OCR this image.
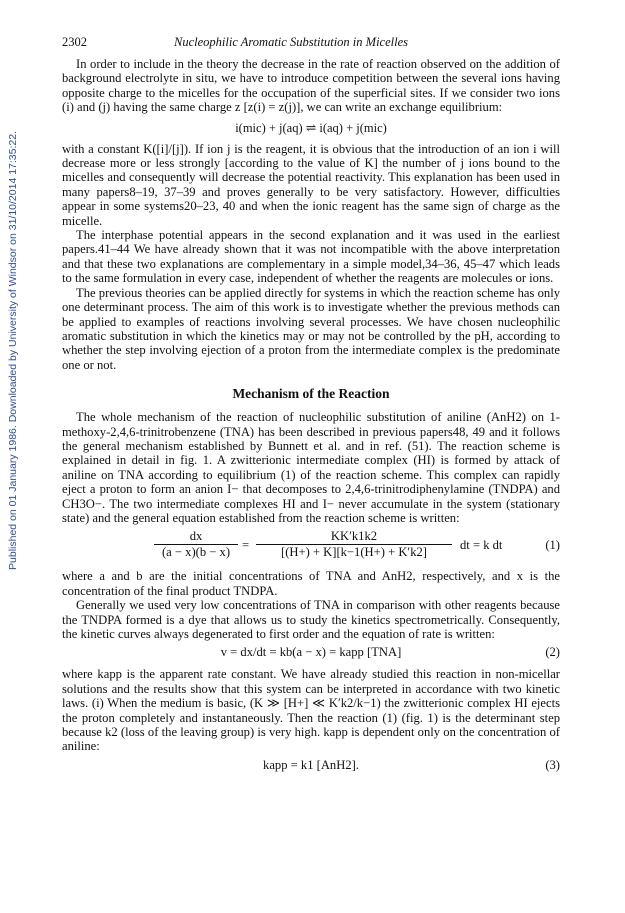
Published on 01 January 1986. Downloaded by University of Windsor on 31/10/2014 17:35:22.
2302	Nucleophilic Aromatic Substitution in Micelles

In order to include in the theory the decrease in the rate of reaction observed on the addition of background electrolyte in situ, we have to introduce competition between the several ions having opposite charge to the micelles for the occupation of the superficial sites. If we consider two ions (i) and (j) having the same charge z [z(i) = z(j)], we can write an exchange equilibrium:

i(mic) + j(aq) ⇌ i(aq) + j(mic)

with a constant K([i]/[j]). If ion j is the reagent, it is obvious that the introduction of an ion i will decrease more or less strongly [according to the value of K] the number of j ions bound to the micelles and consequently will decrease the potential reactivity. This explanation has been used in many papers8–19, 37–39 and proves generally to be very satisfactory. However, difficulties appear in some systems20–23, 40 and when the ionic reagent has the same sign of charge as the micelle.

The interphase potential appears in the second explanation and it was used in the earliest papers.41–44 We have already shown that it was not incompatible with the above interpretation and that these two explanations are complementary in a simple model,34–36, 45–47 which leads to the same formulation in every case, independent of whether the reagents are molecules or ions.

The previous theories can be applied directly for systems in which the reaction scheme has only one determinant process. The aim of this work is to investigate whether the previous methods can be applied to examples of reactions involving several processes. We have chosen nucleophilic aromatic substitution in which the kinetics may or may not be controlled by the pH, according to whether the step involving ejection of a proton from the intermediate complex is the predominate one or not.

Mechanism of the Reaction

The whole mechanism of the reaction of nucleophilic substitution of aniline (AnH2) on 1-methoxy-2,4,6-trinitrobenzene (TNA) has been described in previous papers48, 49 and it follows the general mechanism established by Bunnett et al. and in ref. (51). The reaction scheme is explained in detail in fig. 1. A zwitterionic intermediate complex (HI) is formed by attack of aniline on TNA according to equilibrium (1) of the reaction scheme. This complex can rapidly eject a proton to form an anion I− that decomposes to 2,4,6-trinitrodiphenylamine (TNDPA) and CH3O−. The two intermediate complexes HI and I− never accumulate in the system (stationary state) and the general equation established from the reaction scheme is written:

$\frac{dx}{(a - x)(b - x)} = \frac{KK'k1k2}{[(H+) + K][k-1(H+) + K'k2]}$ dt = k dt	(1)

where a and b are the initial concentrations of TNA and AnH2, respectively, and x is the concentration of the final product TNDPA.

Generally we used very low concentrations of TNA in comparison with other reagents because the TNDPA formed is a dye that allows us to study the kinetics spectrometrically. Consequently, the kinetic curves always degenerated to first order and the equation of rate is written:

v = dx/dt = kb(a − x) = kapp [TNA]	(2)

where kapp is the apparent rate constant. We have already studied this reaction in non-micellar solutions and the results show that this system can be interpreted in accordance with two kinetic laws. (i) When the medium is basic, (K ≫ [H+] ≪ K′k2/k−1) the zwitterionic complex HI ejects the proton completely and instantaneously. Then the reaction (1) (fig. 1) is the determinant step because k2 (loss of the leaving group) is very high. kapp is dependent only on the concentration of aniline:

kapp = k1 [AnH2].	(3)
